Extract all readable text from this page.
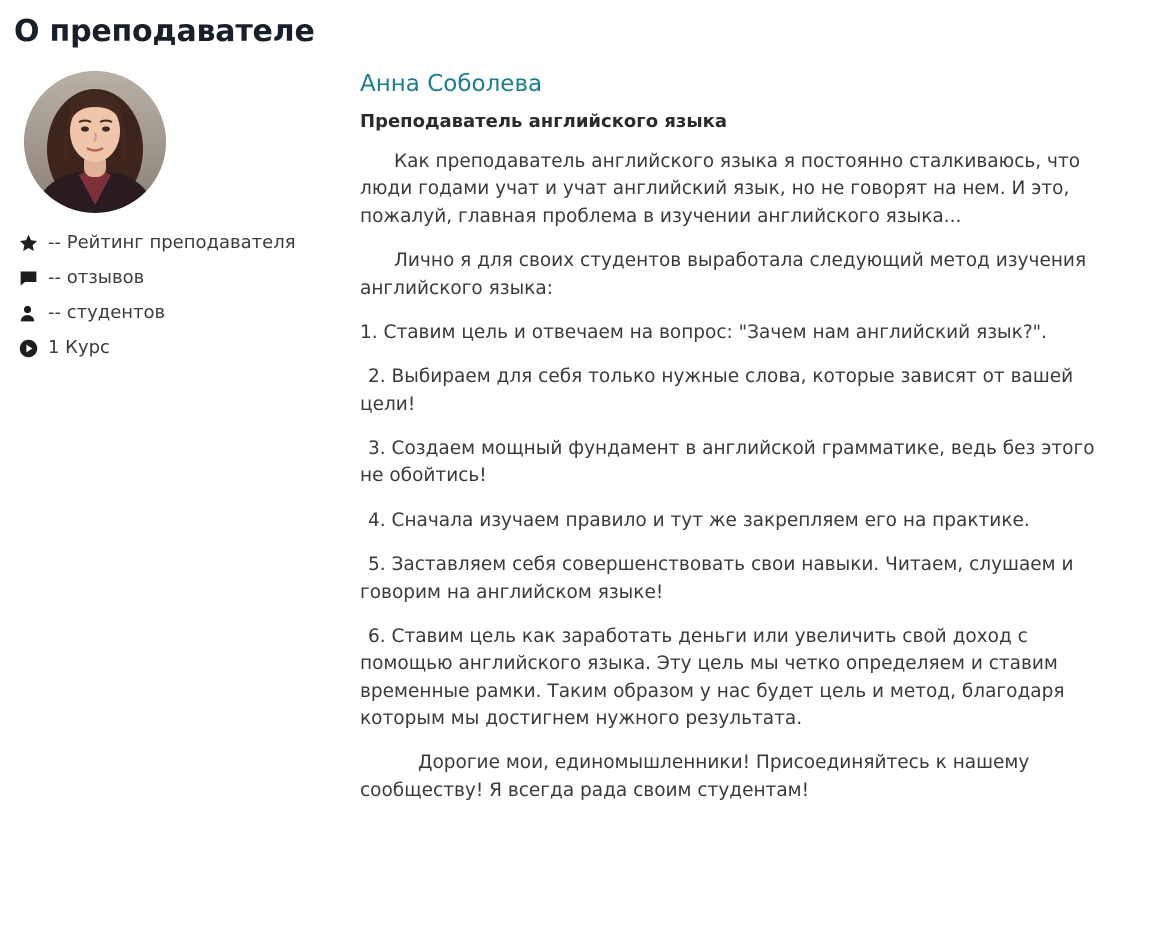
О преподавателе
-- Рейтинг преподавателя
-- отзывов
-- студентов
1 Курс
Анна Соболева
Преподаватель английского языка

Как преподаватель английского языка я постоянно сталкиваюсь, что люди годами учат и учат английский язык, но не говорят на нем. И это, пожалуй, главная проблема в изучении английского языка...

Лично я для своих студентов выработала следующий метод изучения английского языка:

1. Ставим цель и отвечаем на вопрос: "Зачем нам английский язык?".

2. Выбираем для себя только нужные слова, которые зависят от вашей цели!

3. Создаем мощный фундамент в английской грамматике, ведь без этого не обойтись!

4. Сначала изучаем правило и тут же закрепляем его на практике.

5. Заставляем себя совершенствовать свои навыки. Читаем, слушаем и говорим на английском языке!

6. Ставим цель как заработать деньги или увеличить свой доход с помощью английского языка. Эту цель мы четко определяем и ставим временные рамки. Таким образом у нас будет цель и метод, благодаря которым мы достигнем нужного результата.

Дорогие мои, единомышленники! Присоединяйтесь к нашему сообществу! Я всегда рада своим студентам!
